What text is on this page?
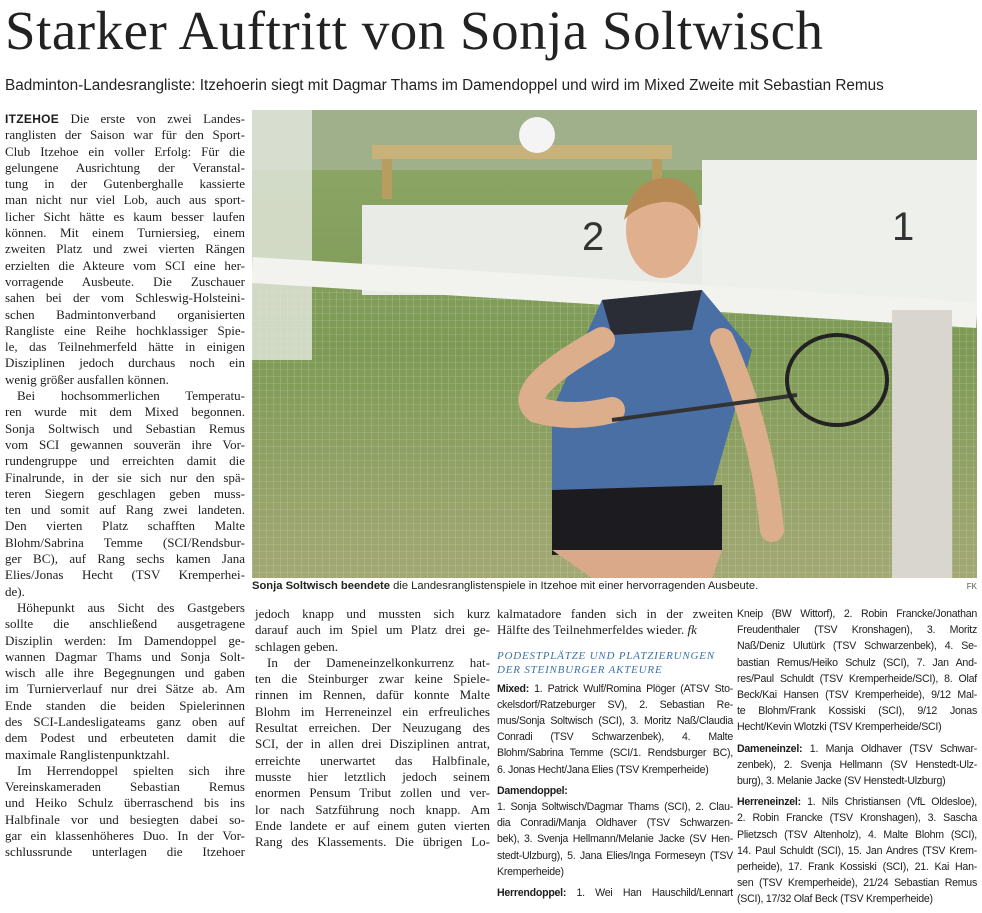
Starker Auftritt von Sonja Soltwisch

Badminton-Landesrangliste: Itzehoerin siegt mit Dagmar Thams im Damendoppel und wird im Mixed Zweite mit Sebastian Remus

1
2
Sonja Soltwisch beendete die Landesranglistenspiele in Itzehoe mit einer hervorragenden Ausbeute.	FK
ITZEHOE Die erste von zwei Landes-
ranglisten der Saison war für den Sport-
Club Itzehoe ein voller Erfolg: Für die
gelungene Ausrichtung der Veranstal-
tung in der Gutenberghalle kassierte
man nicht nur viel Lob, auch aus sport-
licher Sicht hätte es kaum besser laufen
können. Mit einem Turniersieg, einem
zweiten Platz und zwei vierten Rängen
erzielten die Akteure vom SCI eine her-
vorragende Ausbeute. Die Zuschauer
sahen bei der vom Schleswig-Holsteini-
schen Badmintonverband organisierten
Rangliste eine Reihe hochklassiger Spie-
le, das Teilnehmerfeld hätte in einigen
Disziplinen jedoch durchaus noch ein
wenig größer ausfallen können.
Bei hochsommerlichen Temperatu-
ren wurde mit dem Mixed begonnen.
Sonja Soltwisch und Sebastian Remus
vom SCI gewannen souverän ihre Vor-
rundengruppe und erreichten damit die
Finalrunde, in der sie sich nur den spä-
teren Siegern geschlagen geben muss-
ten und somit auf Rang zwei landeten.
Den vierten Platz schafften Malte
Blohm/Sabrina Temme (SCI/Rendsbur-
ger BC), auf Rang sechs kamen Jana
Elies/Jonas Hecht (TSV Kremperhei-
de).
Höhepunkt aus Sicht des Gastgebers
sollte die anschließend ausgetragene
Disziplin werden: Im Damendoppel ge-
wannen Dagmar Thams und Sonja Solt-
wisch alle ihre Begegnungen und gaben
im Turnierverlauf nur drei Sätze ab. Am
Ende standen die beiden Spielerinnen
des SCI-Landesligateams ganz oben auf
dem Podest und erbeuteten damit die
maximale Ranglistenpunktzahl.
Im Herrendoppel spielten sich ihre
Vereinskameraden Sebastian Remus
und Heiko Schulz überraschend bis ins
Halbfinale vor und besiegten dabei so-
gar ein klassenhöheres Duo. In der Vor-
schlussrunde unterlagen die Itzehoer
jedoch knapp und mussten sich kurz
darauf auch im Spiel um Platz drei ge-
schlagen geben.
In der Dameneinzelkonkurrenz hat-
ten die Steinburger zwar keine Spiele-
rinnen im Rennen, dafür konnte Malte
Blohm im Herreneinzel ein erfreuliches
Resultat erreichen. Der Neuzugang des
SCI, der in allen drei Disziplinen antrat,
erreichte unerwartet das Halbfinale,
musste hier letztlich jedoch seinem
enormen Pensum Tribut zollen und ver-
lor nach Satzführung noch knapp. Am
Ende landete er auf einem guten vierten
Rang des Klassements. Die übrigen Lo-
kalmatadore fanden sich in der zweiten
Hälfte des Teilnehmerfeldes wieder. fk
PODESTPLÄTZE UND PLATZIERUNGEN
DER STEINBURGER AKTEURE
Mixed: 1. Patrick Wulf/Romina Plöger (ATSV Sto-
ckelsdorf/Ratzeburger SV), 2. Sebastian Re-
mus/Sonja Soltwisch (SCI), 3. Moritz Naß/Claudia
Conradi (TSV Schwarzenbek), 4. Malte
Blohm/Sabrina Temme (SCI/1. Rendsburger BC),
6. Jonas Hecht/Jana Elies (TSV Kremperheide)
Damendoppel:
1. Sonja Soltwisch/Dagmar Thams (SCI), 2. Clau-
dia Conradi/Manja Oldhaver (TSV Schwarzen-
bek), 3. Svenja Hellmann/Melanie Jacke (SV Hen-
stedt-Ulzburg), 5. Jana Elies/Inga Formeseyn (TSV
Kremperheide)
Herrendoppel: 1. Wei Han Hauschild/Lennart
Kneip (BW Wittorf), 2. Robin Francke/Jonathan
Freudenthaler (TSV Kronshagen), 3. Moritz
Naß/Deniz Ulutürk (TSV Schwarzenbek), 4. Se-
bastian Remus/Heiko Schulz (SCI), 7. Jan And-
res/Paul Schuldt (TSV Kremperheide/SCI), 8. Olaf
Beck/Kai Hansen (TSV Kremperheide), 9/12 Mal-
te Blohm/Frank Kossiski (SCI), 9/12 Jonas
Hecht/Kevin Wlotzki (TSV Kremperheide/SCI)
Dameneinzel: 1. Manja Oldhaver (TSV Schwar-
zenbek), 2. Svenja Hellmann (SV Henstedt-Ulz-
burg), 3. Melanie Jacke (SV Henstedt-Ulzburg)
Herreneinzel: 1. Nils Christiansen (VfL Oldesloe),
2. Robin Francke (TSV Kronshagen), 3. Sascha
Plietzsch (TSV Altenholz), 4. Malte Blohm (SCI),
14. Paul Schuldt (SCI), 15. Jan Andres (TSV Krem-
perheide), 17. Frank Kossiski (SCI), 21. Kai Han-
sen (TSV Kremperheide), 21/24 Sebastian Remus
(SCI), 17/32 Olaf Beck (TSV Kremperheide)
